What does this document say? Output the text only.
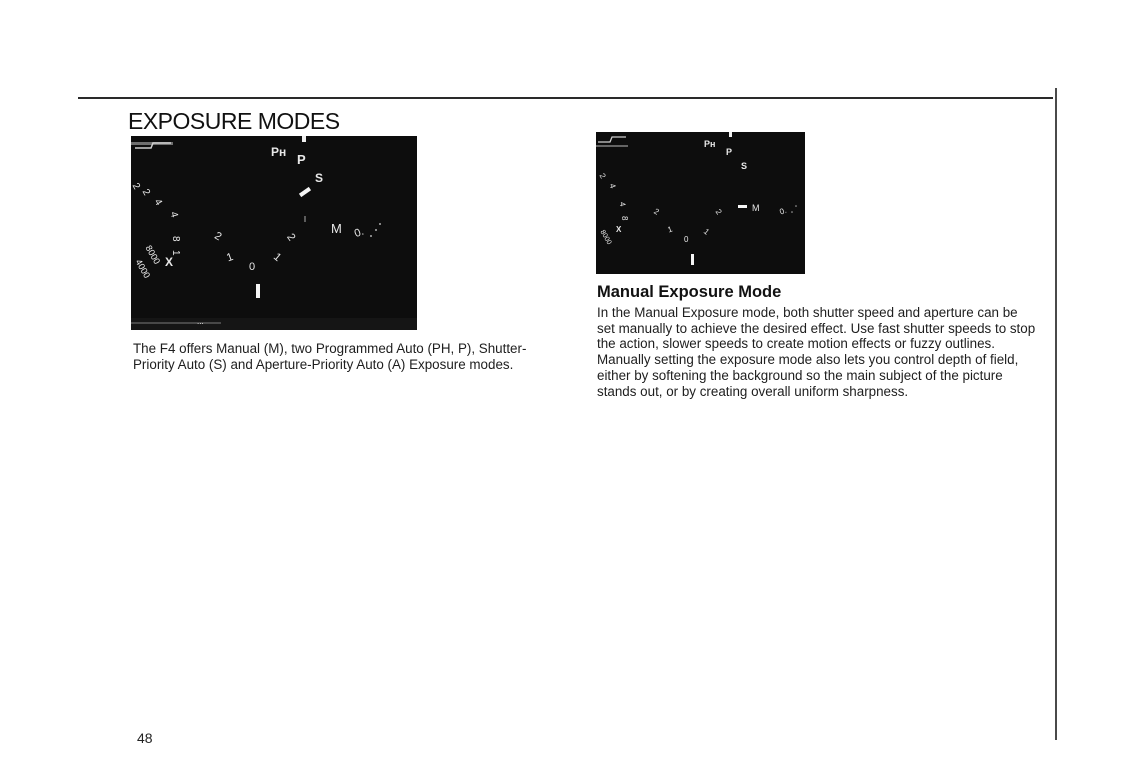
EXPOSURE MODES
Pʜ P
S
M 0.
2
1
0
1
2
2
2
4
4
8
1
X
8000
4000
...

The F4 offers Manual (M), two Programmed Auto (PH, P), Shutter-Priority Auto (S) and Aperture-Priority Auto (A) Exposure modes.

Pʜ
P
S
M 0.
2
1
0
1
2
2
4
4
8
X
8000
Manual Exposure Mode

In the Manual Exposure mode, both shutter speed and aperture can be set manually to achieve the desired effect. Use fast shutter speeds to stop the action, slower speeds to create motion effects or fuzzy outlines. Manually setting the exposure mode also lets you control depth of field, either by softening the background so the main subject of the picture stands out, or by creating overall uniform sharpness.

48
